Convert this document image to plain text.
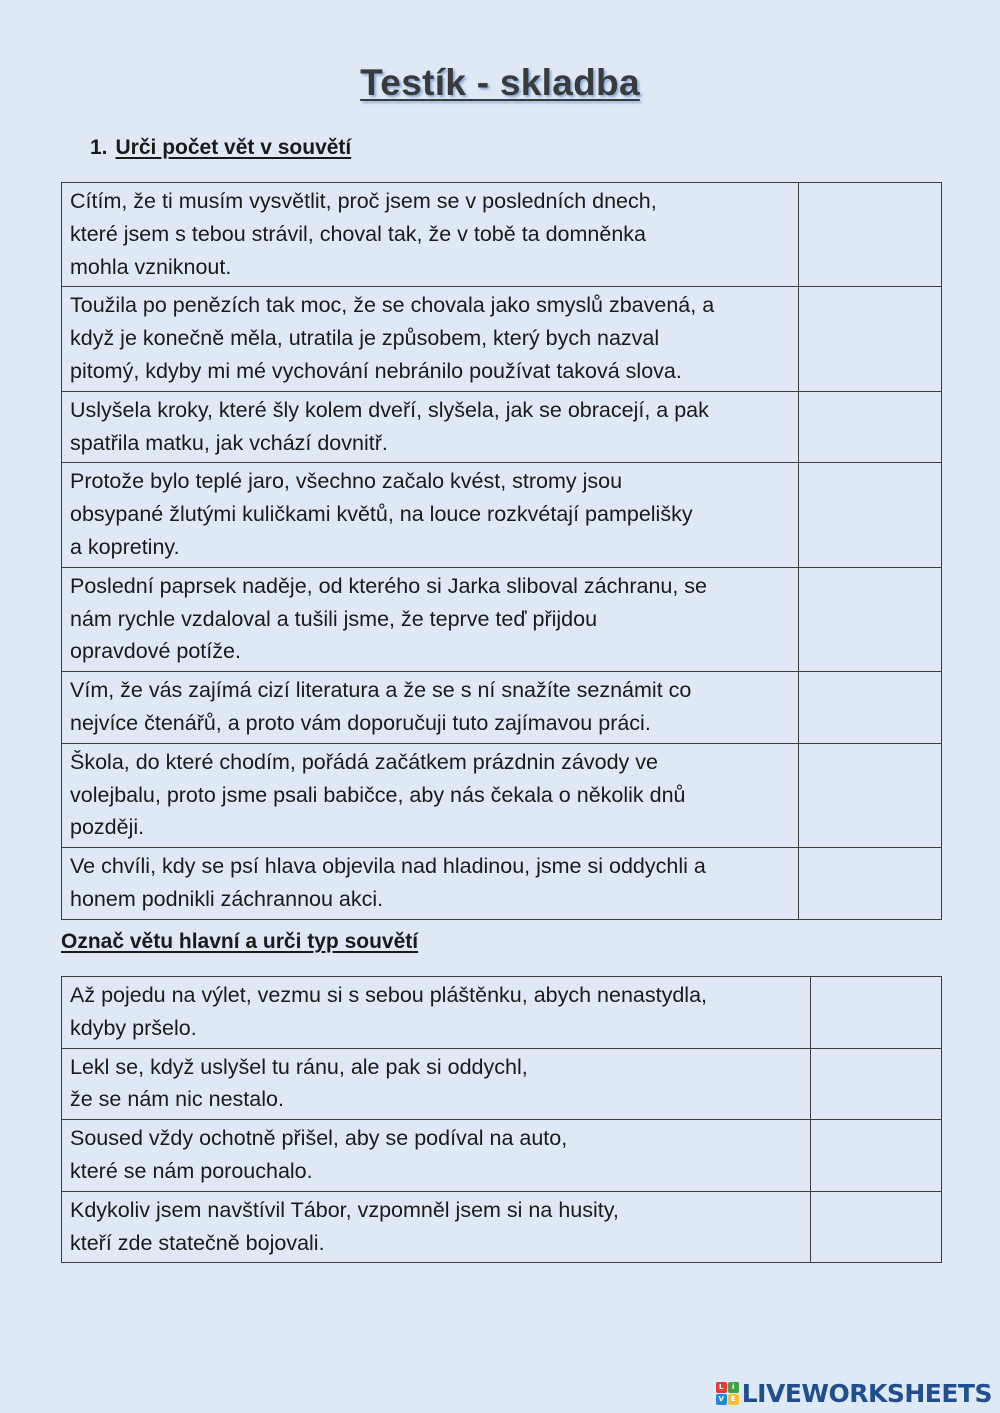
Testík - skladba
1. Urči počet vět v souvětí
Cítím, že ti musím vysvětlit, proč jsem se v posledních dnech,
které jsem s tebou strávil, choval tak, že v tobě ta domněnka
mohla vzniknout.	
Toužila po penězích tak moc, že se chovala jako smyslů zbavená, a
když je konečně měla, utratila je způsobem, který bych nazval
pitomý, kdyby mi mé vychování nebránilo používat taková slova.	
Uslyšela kroky, které šly kolem dveří, slyšela, jak se obracejí, a pak
spatřila matku, jak vchází dovnitř.	
Protože bylo teplé jaro, všechno začalo kvést, stromy jsou
obsypané žlutými kuličkami květů, na louce rozkvétají pampelišky
a kopretiny.	
Poslední paprsek naděje, od kterého si Jarka sliboval záchranu, se
nám rychle vzdaloval a tušili jsme, že teprve teď přijdou
opravdové potíže.	
Vím, že vás zajímá cizí literatura a že se s ní snažíte seznámit co
nejvíce čtenářů, a proto vám doporučuji tuto zajímavou práci.	
Škola, do které chodím, pořádá začátkem prázdnin závody ve
volejbalu, proto jsme psali babičce, aby nás čekala o několik dnů
později.	
Ve chvíli, kdy se psí hlava objevila nad hladinou, jsme si oddychli a
honem podnikli záchrannou akci.	
Označ větu hlavní a urči typ souvětí
Až pojedu na výlet, vezmu si s sebou pláštěnku, abych nenastydla,
kdyby pršelo.	
Lekl se, když uslyšel tu ránu, ale pak si oddychl,
že se nám nic nestalo.	
Soused vždy ochotně přišel, aby se podíval na auto,
které se nám porouchalo.	
Kdykoliv jsem navštívil Tábor, vzpomněl jsem si na husity,
kteří zde statečně bojovali.	
L	i
V E LIVEWORKSHEETS
